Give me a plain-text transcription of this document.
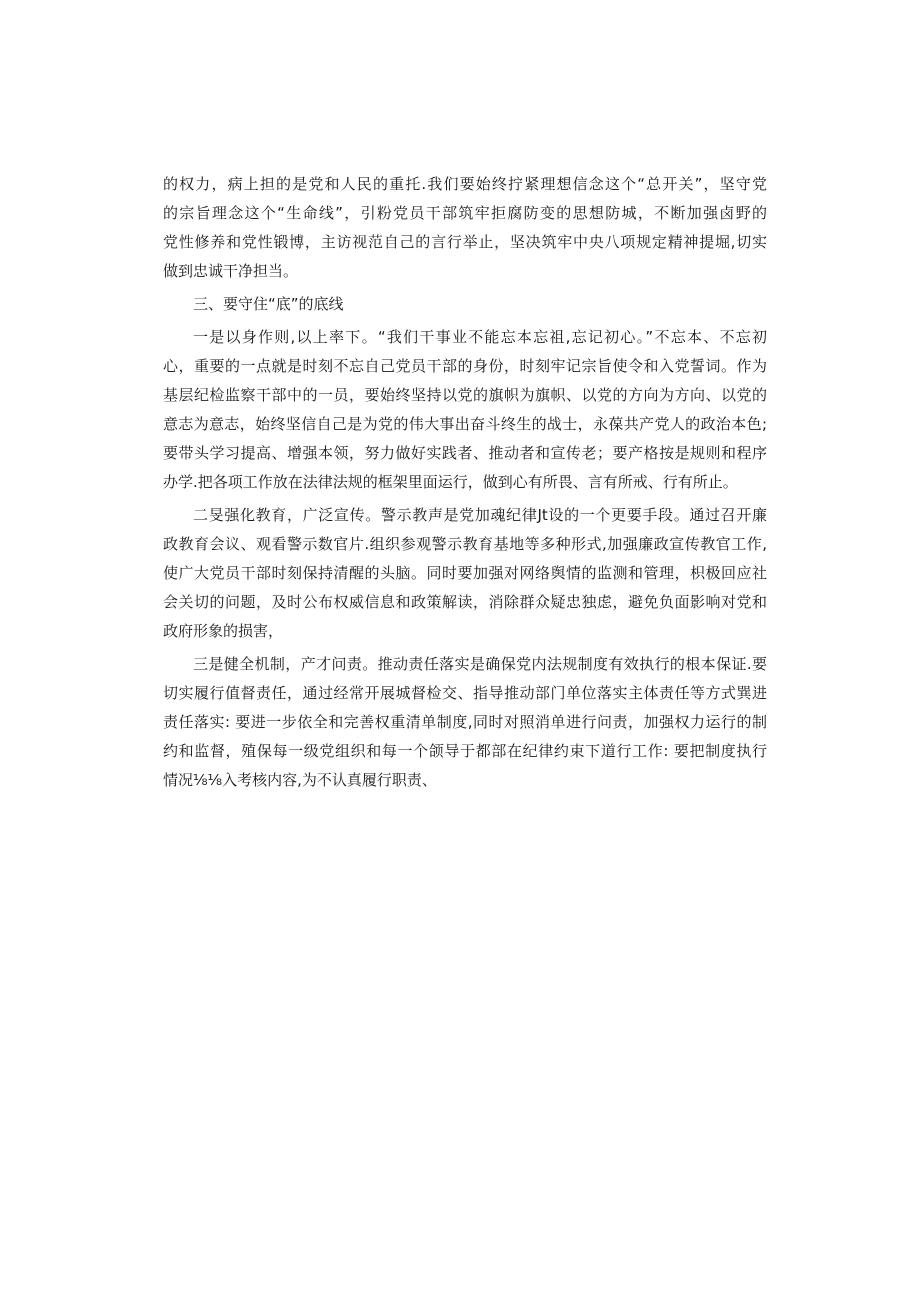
的权力，病上担的是党和人民的重托.我们要始终拧紧理想信念这个“总开关”，坚守党
的宗旨理念这个“生命线”，引粉党员干部筑牢拒腐防变的思想防城，不断加强卤野的
党性修养和党性锻博，主访视范自己的言行举止，坚决筑牢中央八项规定精神提堀,切实
做到忠诚干净担当。
三、要守住“底”的底线
一是以身作则,以上率下。“我们干事业不能忘本忘祖,忘记初心。”不忘本、不忘初
心，重要的一点就是时刻不忘自己党员干部的身份，时刻牢记宗旨使令和入党誓词。作为
基层纪检监察干部中的一员，要始终坚持以党的旗帜为旗帜、以党的方向为方向、以党的
意志为意志，始终坚信自己是为党的伟大事出奋斗终生的战士，永葆共产党人的政治本色;
要带头学习提高、增强本领，努力做好实践者、推动者和宣传老；要产格按是规则和程序
办学.把各项工作放在法律法规的框架里面运行，做到心有所畏、言有所戒、行有所止。
二旻强化教育，广泛宣传。警示教声是党加魂纪律Jt设的一个更要手段。通过召开廉
政教育会议、观看警示数官片.组织参观警示教育基地等多种形式,加强廉政宣传教官工作,
使广大党员干部时刻保持清醒的头脑。同时要加强对网络舆情的监测和管理，枳极回应社
会关切的问题，及时公布权威信息和政策解读，消除群众疑忠独虑，避免负面影响对党和
政府形象的损害，
三是健全机制，产才问责。推动责任落实是确保党内法规制度有效执行的根本保证.要
切实履行值督责任，通过经常开展城督检交、指导推动部门单位落实主体责任等方式巽进
责任落实: 要进一步依全和完善权重清单制度,同时对照消单进行问责，加强权力运行的制
约和监督，殖保每一级党组织和每一个颌导于都部在纪律约束下道行工作: 要把制度执行
情况⅛⅛入考核内容,为不认真履行职责、
